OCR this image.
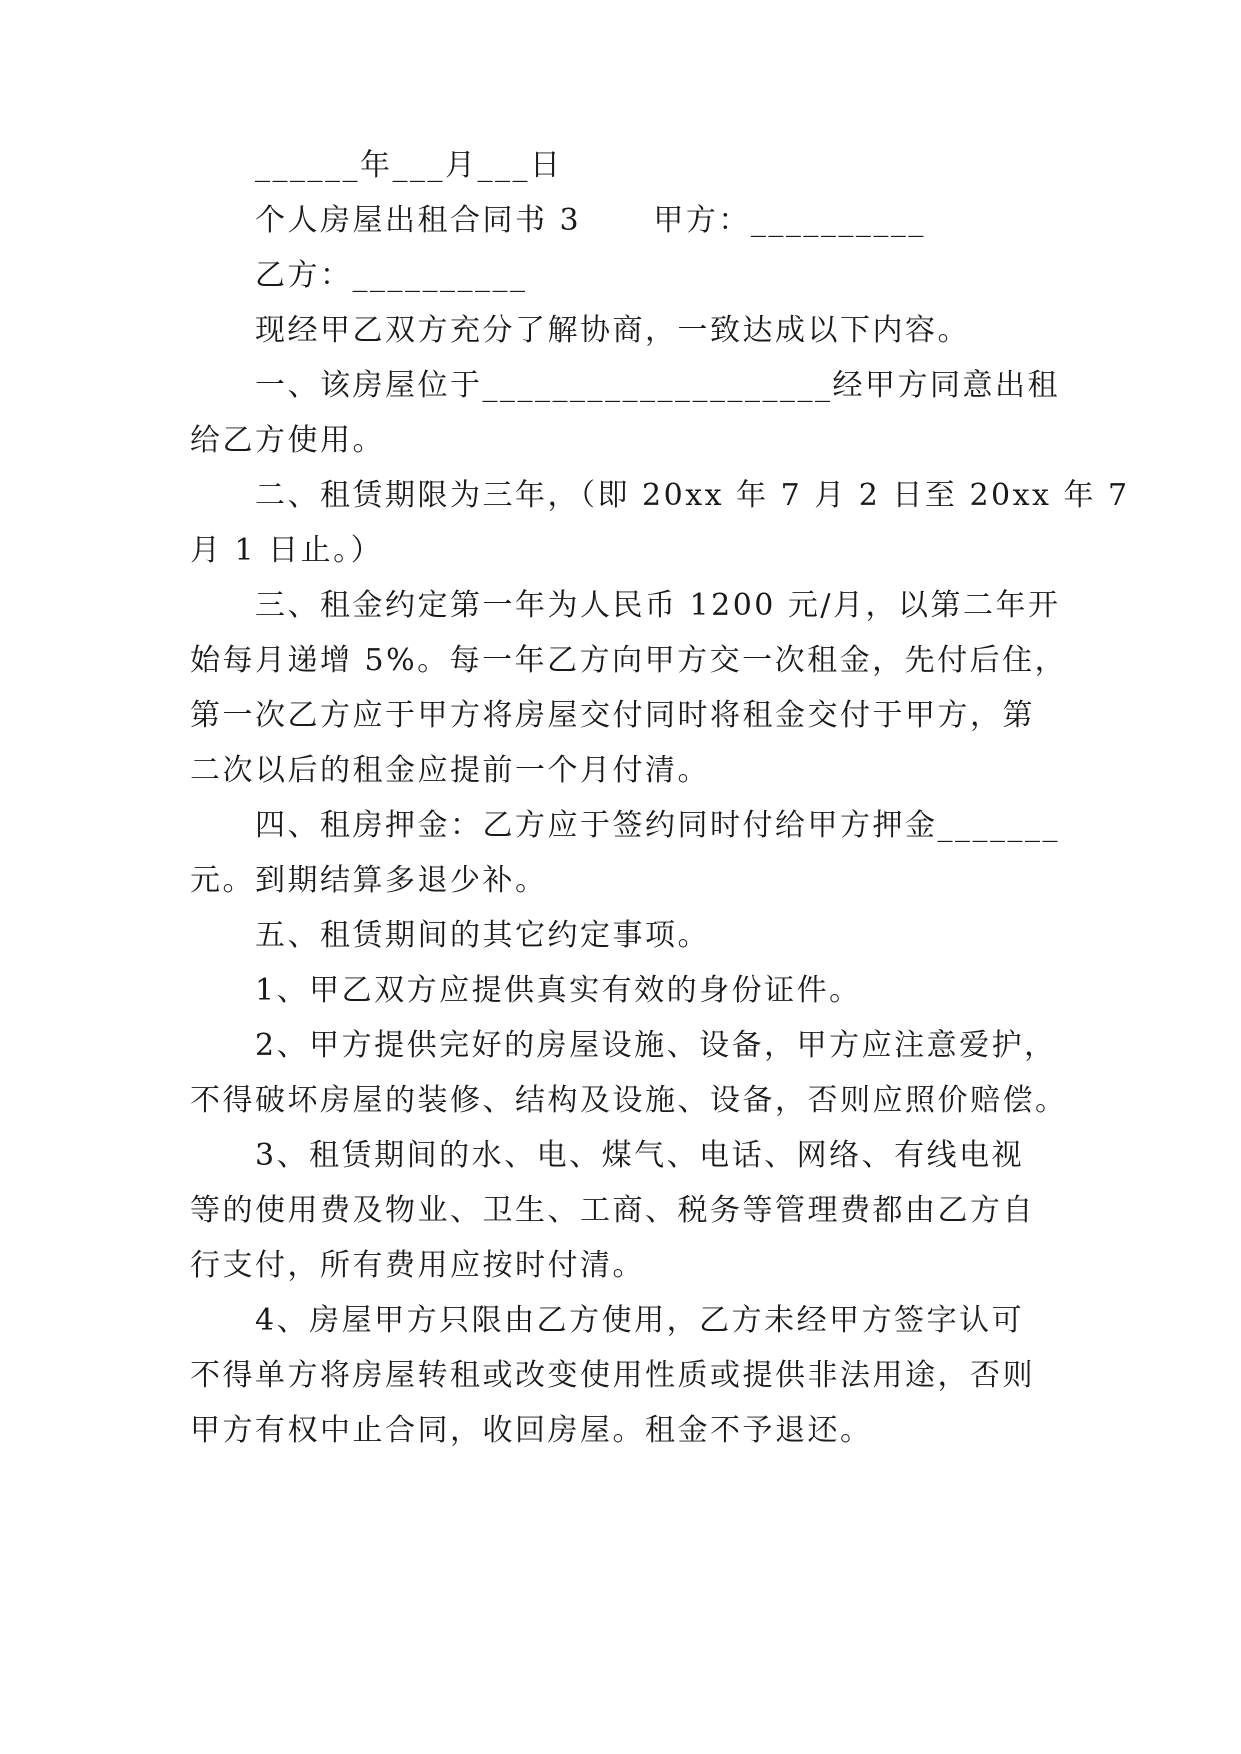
______年___月___日
个人房屋出租合同书 3      甲方：__________
乙方：__________
现经甲乙双方充分了解协商，一致达成以下内容。
一、该房屋位于____________________经甲方同意出租
给乙方使用。
二、租赁期限为三年，（即 20xx 年 7 月 2 日至 20xx 年 7
月 1 日止。）
三、租金约定第一年为人民币 1200 元/月，以第二年开
始每月递增 5%。每一年乙方向甲方交一次租金，先付后住，
第一次乙方应于甲方将房屋交付同时将租金交付于甲方，第
二次以后的租金应提前一个月付清。
四、租房押金：乙方应于签约同时付给甲方押金_______
元。到期结算多退少补。
五、租赁期间的其它约定事项。
1、甲乙双方应提供真实有效的身份证件。
2、甲方提供完好的房屋设施、设备，甲方应注意爱护，
不得破坏房屋的装修、结构及设施、设备，否则应照价赔偿。
3、租赁期间的水、电、煤气、电话、网络、有线电视
等的使用费及物业、卫生、工商、税务等管理费都由乙方自
行支付，所有费用应按时付清。
4、房屋甲方只限由乙方使用，乙方未经甲方签字认可
不得单方将房屋转租或改变使用性质或提供非法用途，否则
甲方有权中止合同，收回房屋。租金不予退还。
